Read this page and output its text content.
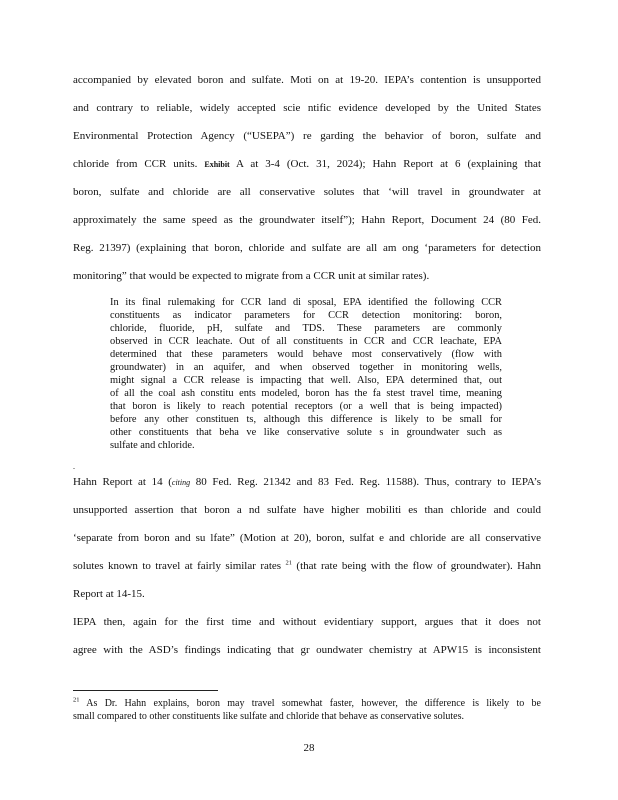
accompanied by elevated boron and sulfate. Moti on at 19-20. IEPA’s contention is unsupported
and contrary to reliable, widely accepted scie ntific evidence developed by the United States
Environmental Protection Agency (“USEPA”) re garding the behavior of boron, sulfate and
chloride from CCR units. Exhibit A at 3-4 (Oct. 31, 2024); Hahn Report at 6 (explaining that
boron, sulfate and chloride are all conservative solutes that ‘will travel in groundwater at
approximately the same speed as the groundwater itself”); Hahn Report, Document 24 (80 Fed.
Reg. 21397) (explaining that boron, chloride and sulfate are all am ong ‘parameters for detection
monitoring” that would be expected to migrate from a CCR unit at similar rates).
In its final rulemaking for CCR land di sposal, EPA identified the following CCR
constituents as indicator parameters for CCR detection monitoring: boron,
chloride, fluoride, pH, sulfate and TDS. These parameters are commonly
observed in CCR leachate. Out of all constituents in CCR and CCR leachate, EPA
determined that these parameters would behave most conservatively (flow with
groundwater) in an aquifer, and when observed together in monitoring wells,
might signal a CCR release is impacting that well. Also, EPA determined that, out
of all the coal ash constitu ents modeled, boron has the fa stest travel time, meaning
that boron is likely to reach potential receptors (or a well that is being impacted)
before any other constituen ts, although this difference is likely to be small for
other constituents that beha ve like conservative solute s in groundwater such as
sulfate and chloride.
.
Hahn Report at 14 (citing 80 Fed. Reg. 21342 and 83 Fed. Reg. 11588). Thus, contrary to IEPA’s
unsupported assertion that boron a nd sulfate have higher mobiliti es than chloride and could
‘separate from boron and su lfate” (Motion at 20), boron, sulfat e and chloride are all conservative
solutes known to travel at fairly similar rates $^{21}$ (that rate being with the flow of groundwater). Hahn
Report at 14-15.
IEPA then, again for the first time and without evidentiary support, argues that it does not
agree with the ASD’s findings indicating that gr oundwater chemistry at APW15 is inconsistent
$^{21}$ As Dr. Hahn explains, boron may travel somewhat faster, however, the difference is likely to be
small compared to other constituents like sulfate and chloride that behave as conservative solutes.
28
